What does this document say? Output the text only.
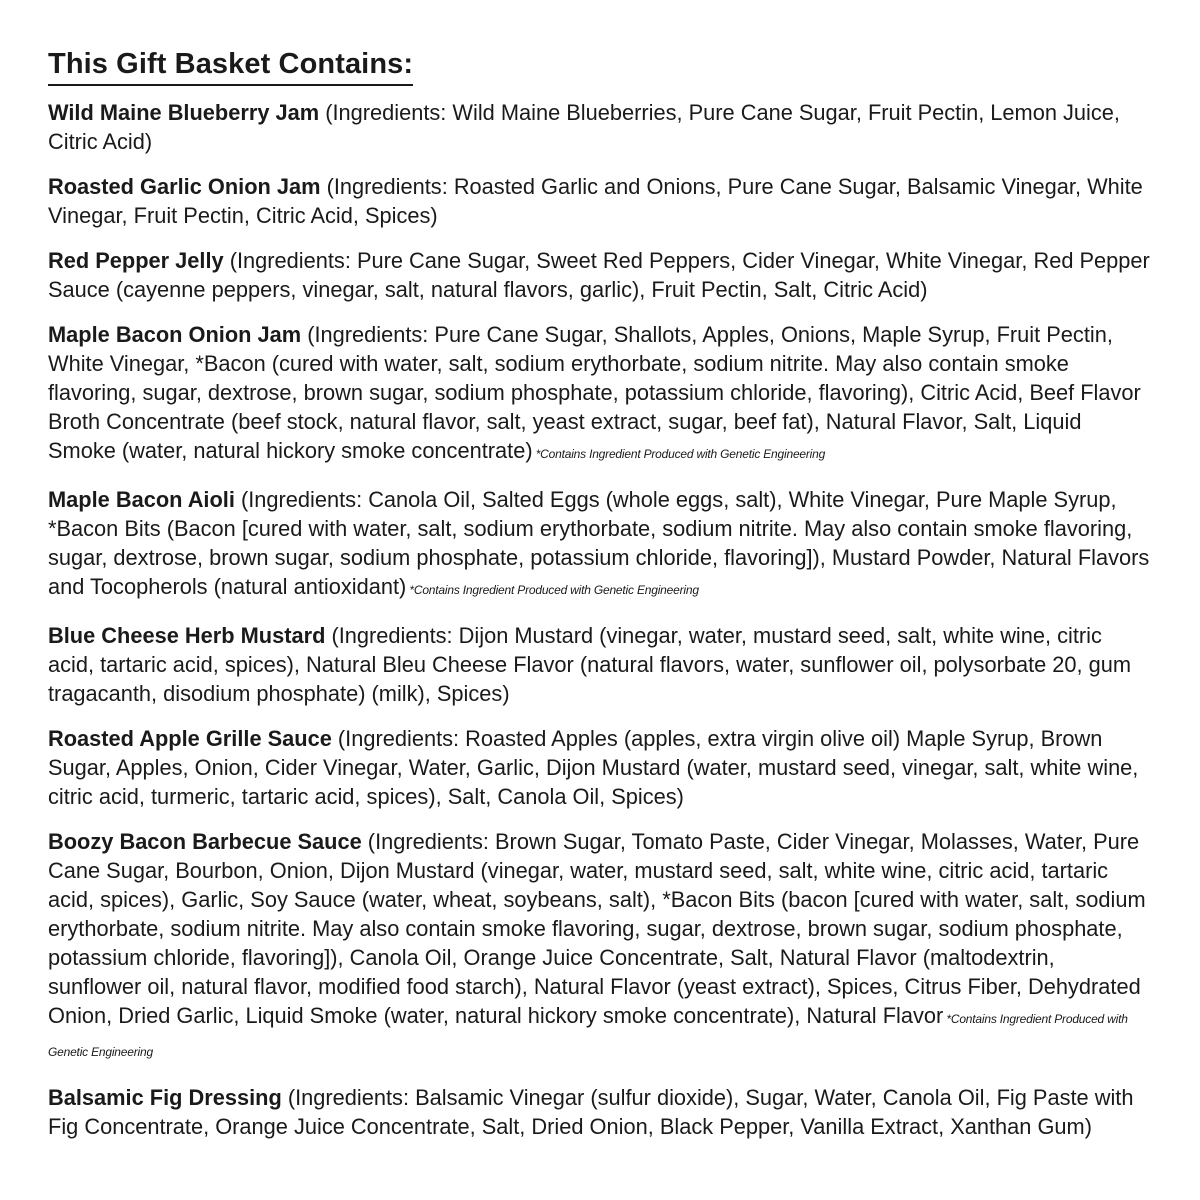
This Gift Basket Contains:
Wild Maine Blueberry Jam (Ingredients: Wild Maine Blueberries, Pure Cane Sugar, Fruit Pectin, Lemon Juice, Citric Acid)
Roasted Garlic Onion Jam (Ingredients: Roasted Garlic and Onions, Pure Cane Sugar, Balsamic Vinegar, White Vinegar, Fruit Pectin, Citric Acid, Spices)
Red Pepper Jelly (Ingredients: Pure Cane Sugar, Sweet Red Peppers, Cider Vinegar, White Vinegar, Red Pepper Sauce (cayenne peppers, vinegar, salt, natural flavors, garlic), Fruit Pectin, Salt, Citric Acid)
Maple Bacon Onion Jam (Ingredients: Pure Cane Sugar, Shallots, Apples, Onions, Maple Syrup, Fruit Pectin, White Vinegar, *Bacon (cured with water, salt, sodium erythorbate, sodium nitrite. May also contain smoke flavoring, sugar, dextrose, brown sugar, sodium phosphate, potassium chloride, flavoring), Citric Acid, Beef Flavor Broth Concentrate (beef stock, natural flavor, salt, yeast extract, sugar, beef fat), Natural Flavor, Salt, Liquid Smoke (water, natural hickory smoke concentrate) *Contains Ingredient Produced with Genetic Engineering
Maple Bacon Aioli (Ingredients: Canola Oil, Salted Eggs (whole eggs, salt), White Vinegar, Pure Maple Syrup, *Bacon Bits (Bacon [cured with water, salt, sodium erythorbate, sodium nitrite. May also contain smoke flavoring, sugar, dextrose, brown sugar, sodium phosphate, potassium chloride, flavoring]), Mustard Powder, Natural Flavors and Tocopherols (natural antioxidant) *Contains Ingredient Produced with Genetic Engineering
Blue Cheese Herb Mustard (Ingredients: Dijon Mustard (vinegar, water, mustard seed, salt, white wine, citric acid, tartaric acid, spices), Natural Bleu Cheese Flavor (natural flavors, water, sunflower oil, polysorbate 20, gum tragacanth, disodium phosphate) (milk), Spices)
Roasted Apple Grille Sauce (Ingredients: Roasted Apples (apples, extra virgin olive oil) Maple Syrup, Brown Sugar, Apples, Onion, Cider Vinegar, Water, Garlic, Dijon Mustard (water, mustard seed, vinegar, salt, white wine, citric acid, turmeric, tartaric acid, spices), Salt, Canola Oil, Spices)
Boozy Bacon Barbecue Sauce (Ingredients: Brown Sugar, Tomato Paste, Cider Vinegar, Molasses, Water, Pure Cane Sugar, Bourbon, Onion, Dijon Mustard (vinegar, water, mustard seed, salt, white wine, citric acid, tartaric acid, spices), Garlic, Soy Sauce (water, wheat, soybeans, salt), *Bacon Bits (bacon [cured with water, salt, sodium erythorbate, sodium nitrite. May also contain smoke flavoring, sugar, dextrose, brown sugar, sodium phosphate, potassium chloride, flavoring]), Canola Oil, Orange Juice Concentrate, Salt, Natural Flavor (maltodextrin, sunflower oil, natural flavor, modified food starch), Natural Flavor (yeast extract), Spices, Citrus Fiber, Dehydrated Onion, Dried Garlic, Liquid Smoke (water, natural hickory smoke concentrate), Natural Flavor *Contains Ingredient Produced with Genetic Engineering
Balsamic Fig Dressing (Ingredients: Balsamic Vinegar (sulfur dioxide), Sugar, Water, Canola Oil, Fig Paste with Fig Concentrate, Orange Juice Concentrate, Salt, Dried Onion, Black Pepper, Vanilla Extract, Xanthan Gum)
